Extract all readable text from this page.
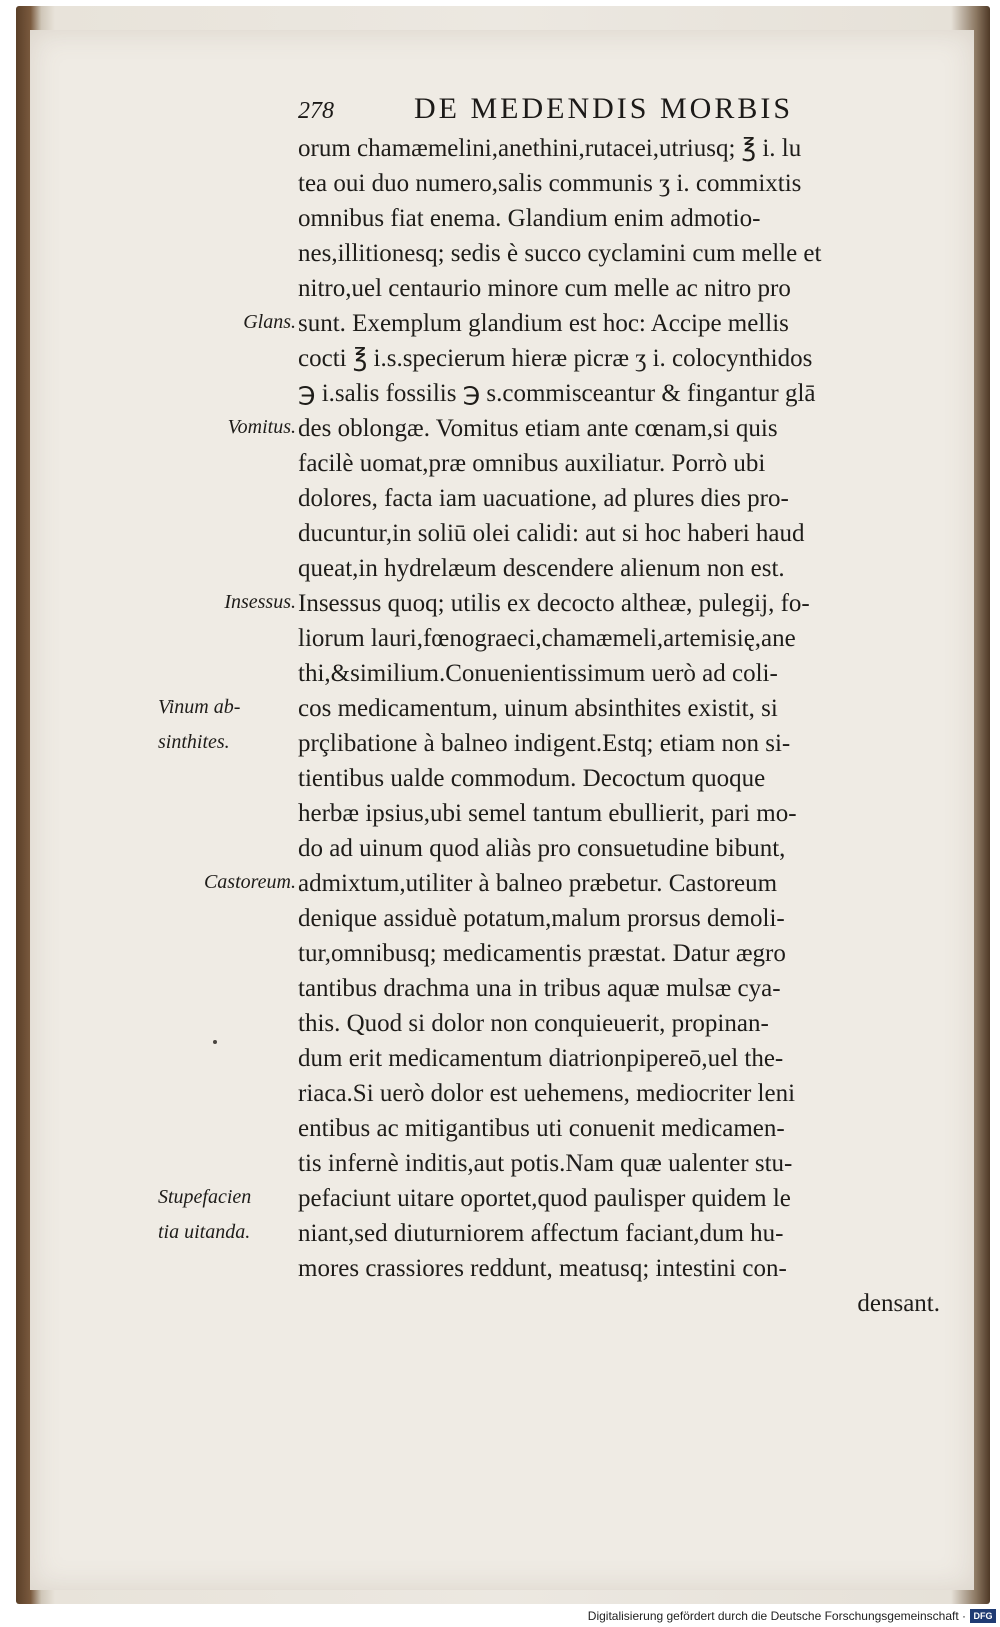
278	DE MEDENDIS MORBIS
orum chamæmelini,anethini,rutacei,utriusq; ℥ i. lu
tea oui duo numero,salis communis ʒ i. commixtis
omnibus fiat enema. Glandium enim admotio-
nes,illitionesq; sedis è succo cyclamini cum melle et
nitro,uel centaurio minore cum melle ac nitro pro
sunt. Exemplum glandium est hoc: Accipe mellis
cocti ℥ i.s.specierum hieræ picræ ʒ i. colocynthidos
℈ i.salis fossilis ℈ s.commisceantur & fingantur glā
des oblongæ. Vomitus etiam ante cœnam,si quis
facilè uomat,præ omnibus auxiliatur. Porrò ubi
dolores, facta iam uacuatione, ad plures dies pro-
ducuntur,in soliū olei calidi: aut si hoc haberi haud
queat,in hydrelæum descendere alienum non est.
Insessus quoq; utilis ex decocto altheæ, pulegij, fo-
liorum lauri,fœnograeci,chamæmeli,artemisię,ane
thi,&similium.Conuenientissimum uerò ad coli-
cos medicamentum, uinum absinthites existit, si
prçlibatione à balneo indigent.Estq; etiam non si-
tientibus ualde commodum. Decoctum quoque
herbæ ipsius,ubi semel tantum ebullierit, pari mo-
do ad uinum quod aliàs pro consuetudine bibunt,
admixtum,utiliter à balneo præbetur. Castoreum
denique assiduè potatum,malum prorsus demoli-
tur,omnibusq; medicamentis præstat. Datur ægro
tantibus drachma una in tribus aquæ mulsæ cya-
this. Quod si dolor non conquieuerit, propinan-
dum erit medicamentum diatrionpipereō,uel the-
riaca.Si uerò dolor est uehemens, mediocriter leni
entibus ac mitigantibus uti conuenit medicamen-
tis infernè inditis,aut potis.Nam quæ ualenter stu-
pefaciunt uitare oportet,quod paulisper quidem le
niant,sed diuturniorem affectum faciant,dum hu-
mores crassiores reddunt, meatusq; intestini con-
densant.
Glans.
Vomitus.
Insessus.
Vinum ab-
sinthites.
Castoreum.
Stupefacien
tia uitanda.
Digitalisierung gefördert durch die Deutsche Forschungsgemeinschaft · DFG
